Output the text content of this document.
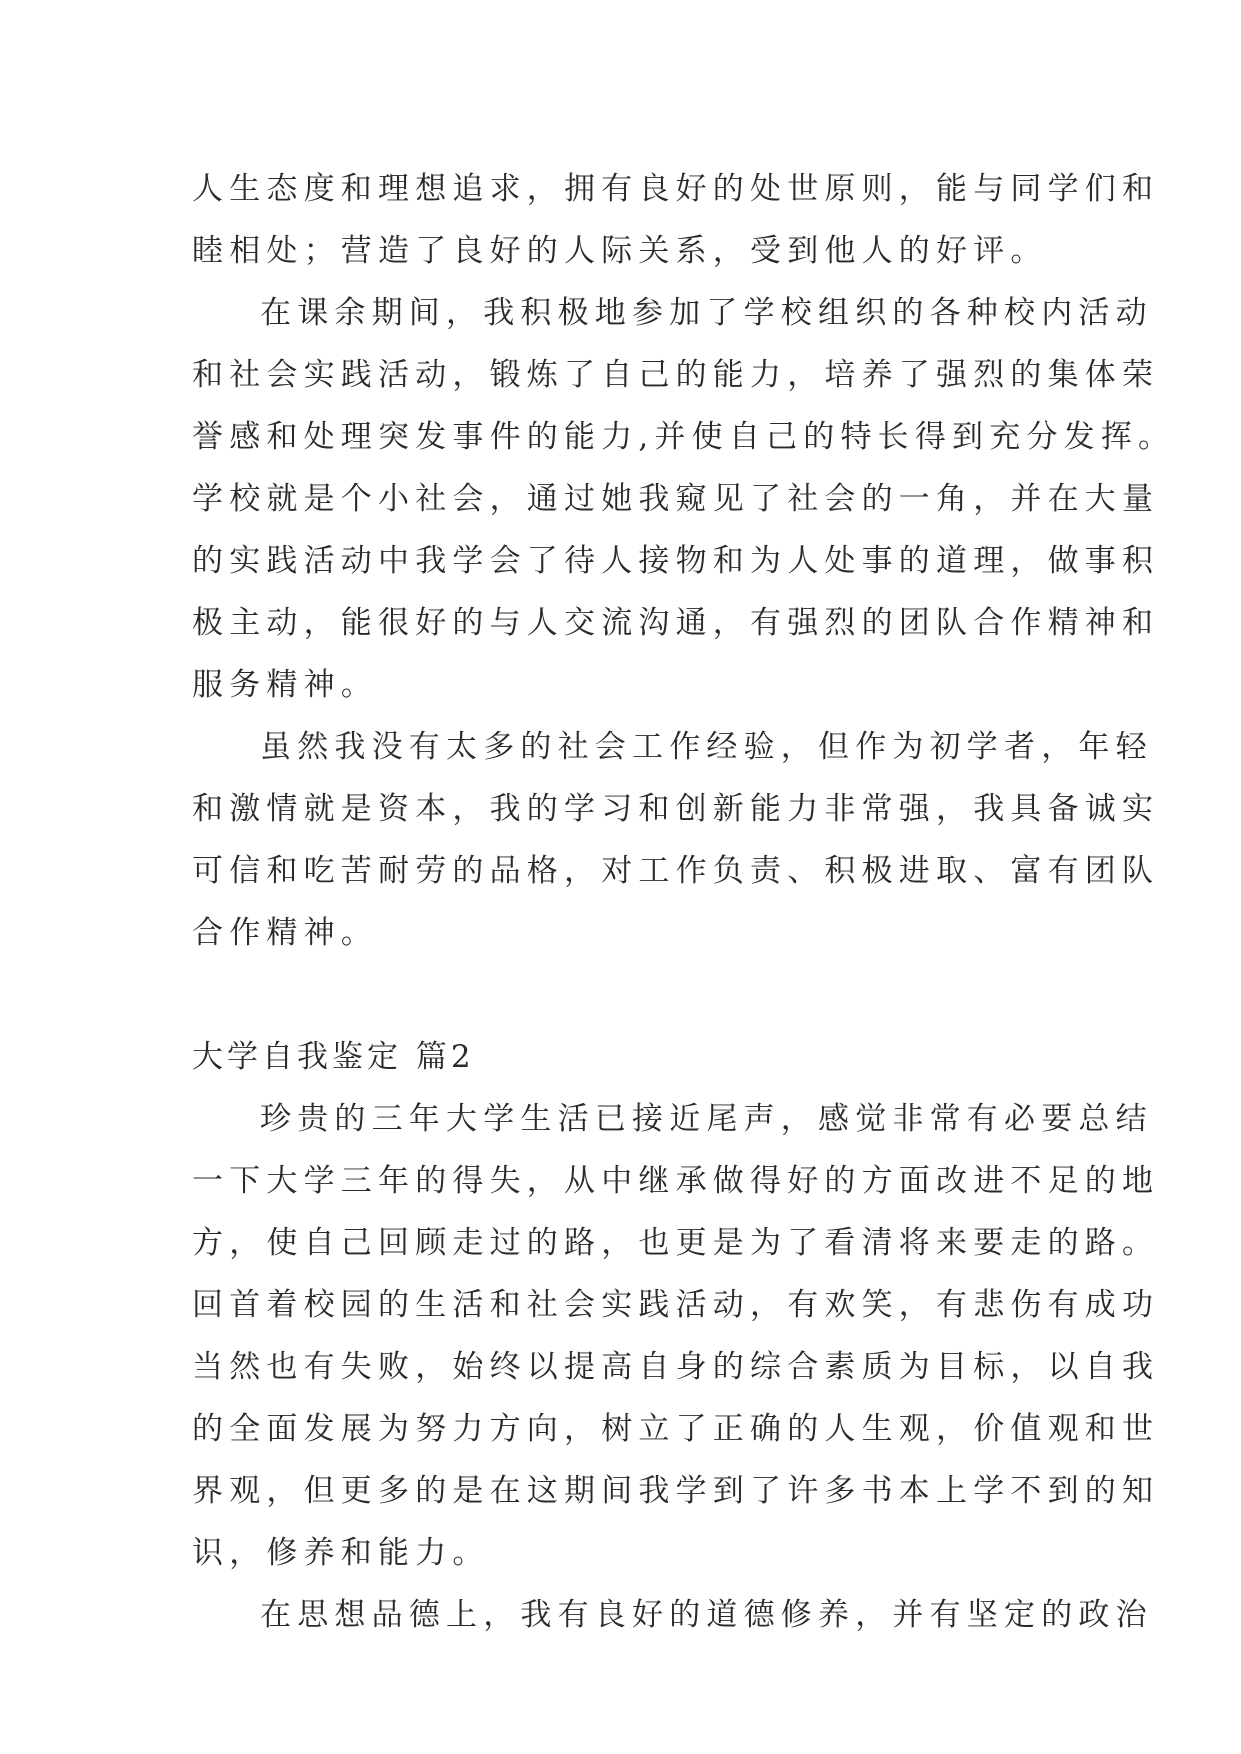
人生态度和理想追求，拥有良好的处世原则，能与同学们和
睦相处；营造了良好的人际关系，受到他人的好评。
在课余期间，我积极地参加了学校组织的各种校内活动
和社会实践活动，锻炼了自己的能力，培养了强烈的集体荣
誉感和处理突发事件的能力,并使自己的特长得到充分发挥。
学校就是个小社会，通过她我窥见了社会的一角，并在大量
的实践活动中我学会了待人接物和为人处事的道理，做事积
极主动，能很好的与人交流沟通，有强烈的团队合作精神和
服务精神。
虽然我没有太多的社会工作经验，但作为初学者，年轻
和激情就是资本，我的学习和创新能力非常强，我具备诚实
可信和吃苦耐劳的品格，对工作负责、积极进取、富有团队
合作精神。
大学自我鉴定 篇2
珍贵的三年大学生活已接近尾声，感觉非常有必要总结
一下大学三年的得失，从中继承做得好的方面改进不足的地
方，使自己回顾走过的路，也更是为了看清将来要走的路。
回首着校园的生活和社会实践活动，有欢笑，有悲伤有成功
当然也有失败，始终以提高自身的综合素质为目标，以自我
的全面发展为努力方向，树立了正确的人生观，价值观和世
界观，但更多的是在这期间我学到了许多书本上学不到的知
识，修养和能力。
在思想品德上，我有良好的道德修养，并有坚定的政治
